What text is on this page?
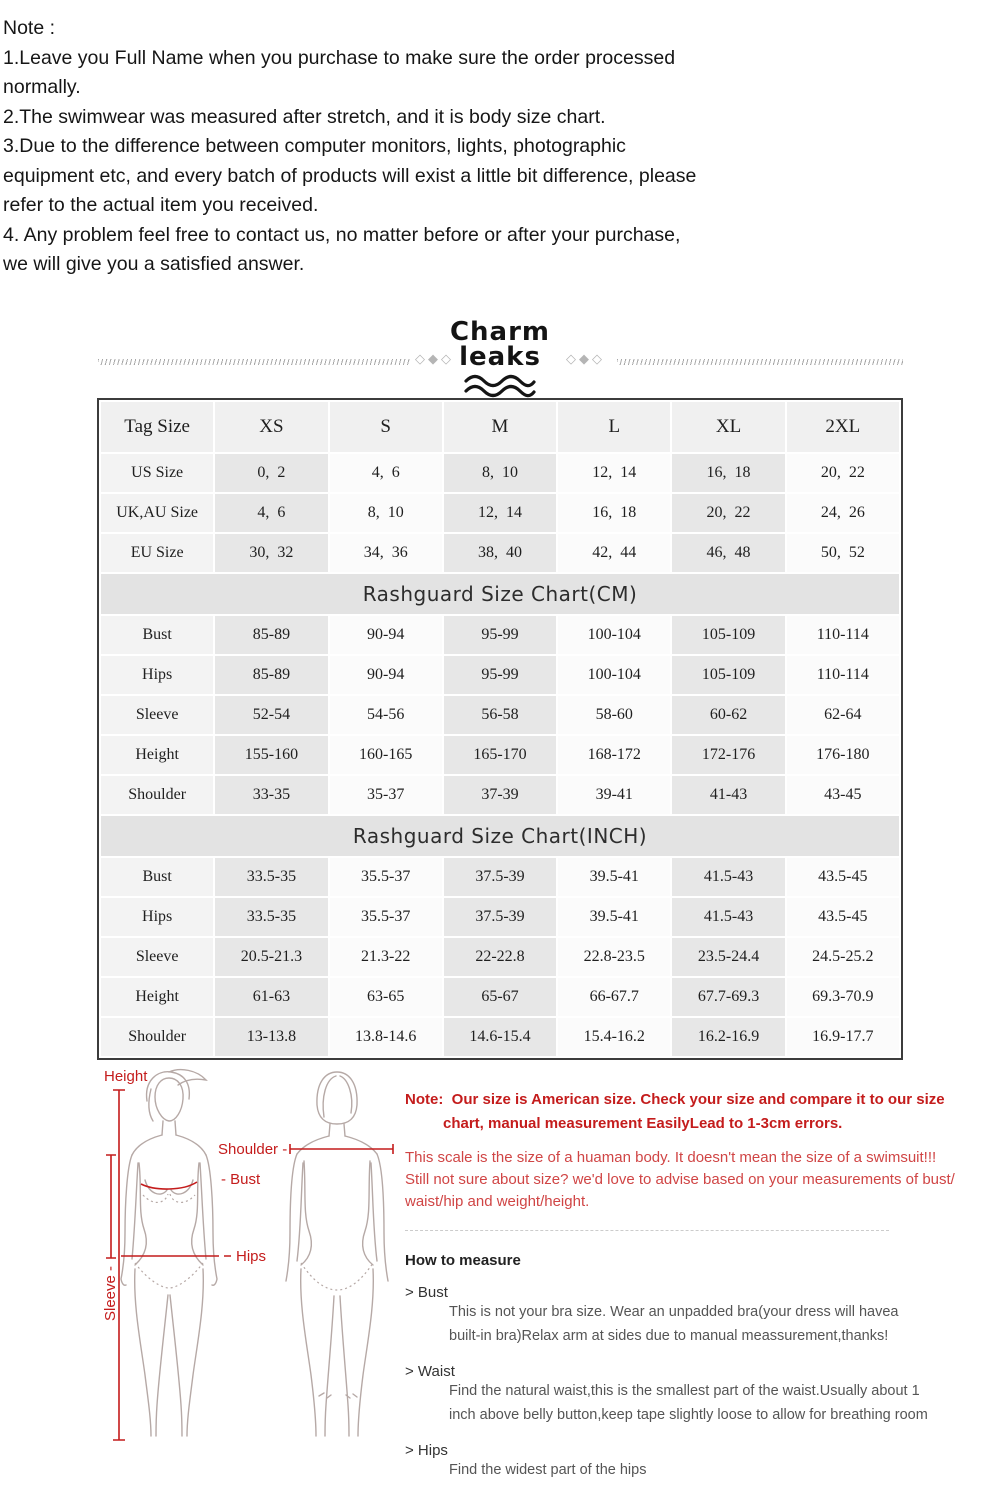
Note :
1.Leave you Full Name when you purchase to make sure the order processed
normally.
2.The swimwear was measured after stretch, and it is body size chart.
3.Due to the difference between computer monitors, lights, photographic
equipment etc, and every batch of products will exist a little bit difference, please
refer to the actual item you received.
4. Any problem feel free to contact us, no matter before or after your purchase,
we will give you a satisfied answer.
◇◆◇
Charm
leaks	◇◆◇
Tag Size	XS	S	M	L	XL	2XL
US Size	0,  2	4,  6	8,  10	12,  14	16,  18	20,  22
UK,AU Size	4,  6	8,  10	12,  14	16,  18	20,  22	24,  26
EU Size	30,  32	34,  36	38,  40	42,  44	46,  48	50,  52
Rashguard Size Chart(CM)						
Bust	85-89	90-94	95-99	100-104	105-109	110-114
Hips	85-89	90-94	95-99	100-104	105-109	110-114
Sleeve	52-54	54-56	56-58	58-60	60-62	62-64
Height	155-160	160-165	165-170	168-172	172-176	176-180
Shoulder	33-35	35-37	37-39	39-41	41-43	43-45
Rashguard Size Chart(INCH)						
Bust	33.5-35	35.5-37	37.5-39	39.5-41	41.5-43	43.5-45
Hips	33.5-35	35.5-37	37.5-39	39.5-41	41.5-43	43.5-45
Sleeve	20.5-21.3	21.3-22	22-22.8	22.8-23.5	23.5-24.4	24.5-25.2
Height	61-63	63-65	65-67	66-67.7	67.7-69.3	69.3-70.9
Shoulder	13-13.8	13.8-14.6	14.6-15.4	15.4-16.2	16.2-16.9	16.9-17.7
Height
Sleeve -
- Bust
Hips
Shoulder -
Note:  Our size is American size. Check your size and compare it to our size
chart, manual measurement EasilyLead to 1-3cm errors.
This scale is the size of a huaman body. It doesn't mean the size of a swimsuit!!!
Still not sure about size? we'd love to advise based on your measurements of bust/
waist/hip and weight/height.
How to measure
> Bust
This is not your bra size. Wear an unpadded bra(your dress will havea
built-in bra)Relax arm at sides due to manual meassurement,thanks!
> Waist
Find the natural waist,this is the smallest part of the waist.Usually about 1
inch above belly button,keep tape slightly loose to allow for breathing room
> Hips
Find the widest part of the hips
